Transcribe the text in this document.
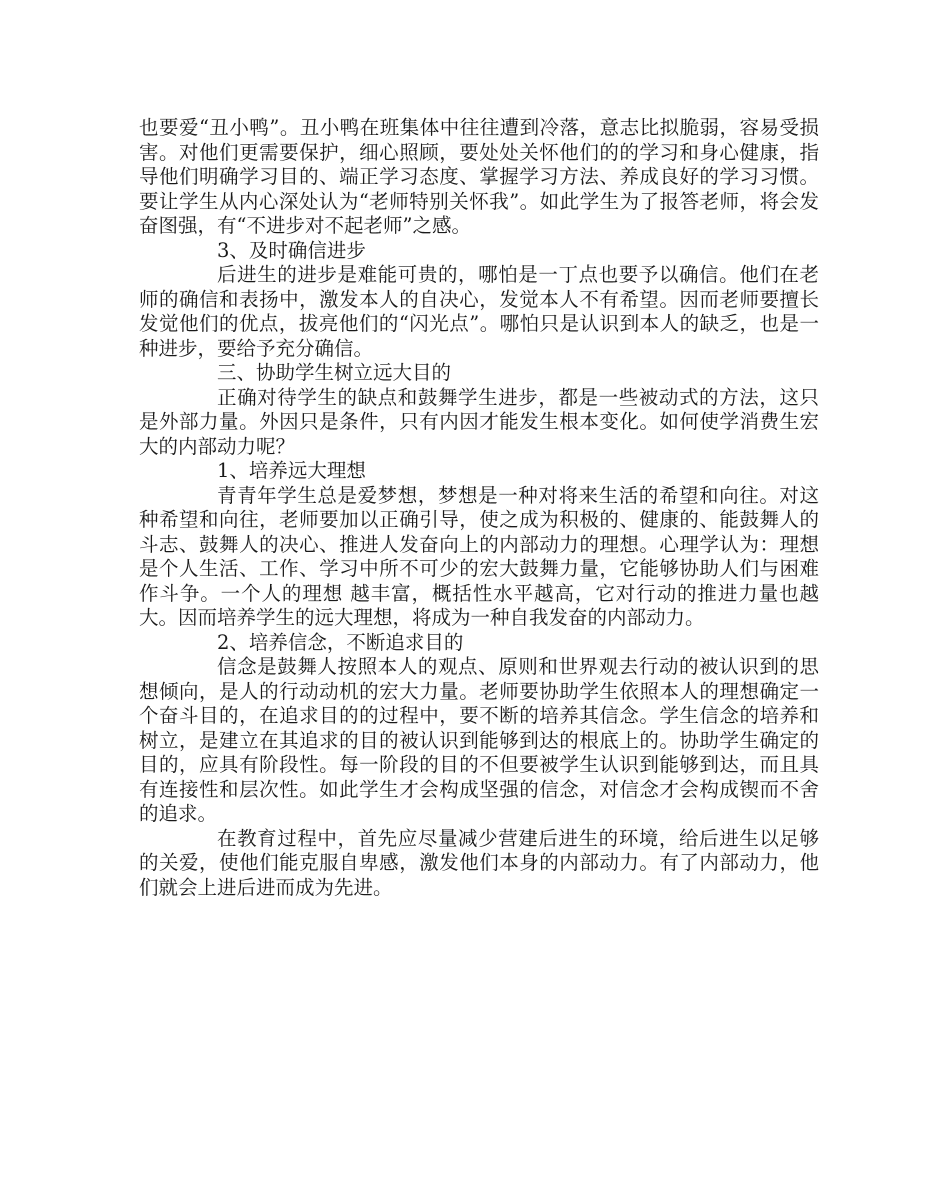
也要爱“丑小鸭”。丑小鸭在班集体中往往遭到冷落，意志比拟脆弱，容易受损害。对他们更需要保护，细心照顾，要处处关怀他们的的学习和身心健康，指导他们明确学习目的、端正学习态度、掌握学习方法、养成良好的学习习惯。要让学生从内心深处认为“老师特别关怀我”。如此学生为了报答老师，将会发奋图强，有“不进步对不起老师”之感。

3、及时确信进步

后进生的进步是难能可贵的，哪怕是一丁点也要予以确信。他们在老师的确信和表扬中，激发本人的自决心，发觉本人不有希望。因而老师要擅长发觉他们的优点，拔亮他们的“闪光点”。哪怕只是认识到本人的缺乏，也是一种进步，要给予充分确信。

三、协助学生树立远大目的

正确对待学生的缺点和鼓舞学生进步，都是一些被动式的方法，这只是外部力量。外因只是条件，只有内因才能发生根本变化。如何使学消费生宏大的内部动力呢？

1、培养远大理想

青青年学生总是爱梦想，梦想是一种对将来生活的希望和向往。对这种希望和向往，老师要加以正确引导，使之成为积极的、健康的、能鼓舞人的斗志、鼓舞人的决心、推进人发奋向上的内部动力的理想。心理学认为：理想是个人生活、工作、学习中所不可少的宏大鼓舞力量，它能够协助人们与困难作斗争。一个人的理想 越丰富，概括性水平越高，它对行动的推进力量也越大。因而培养学生的远大理想，将成为一种自我发奋的内部动力。

2、培养信念，不断追求目的

信念是鼓舞人按照本人的观点、原则和世界观去行动的被认识到的思想倾向，是人的行动动机的宏大力量。老师要协助学生依照本人的理想确定一个奋斗目的，在追求目的的过程中，要不断的培养其信念。学生信念的培养和树立，是建立在其追求的目的被认识到能够到达的根底上的。协助学生确定的目的，应具有阶段性。每一阶段的目的不但要被学生认识到能够到达，而且具有连接性和层次性。如此学生才会构成坚强的信念，对信念才会构成锲而不舍的追求。

在教育过程中，首先应尽量减少营建后进生的环境，给后进生以足够的关爱，使他们能克服自卑感，激发他们本身的内部动力。有了内部动力，他们就会上进后进而成为先进。
